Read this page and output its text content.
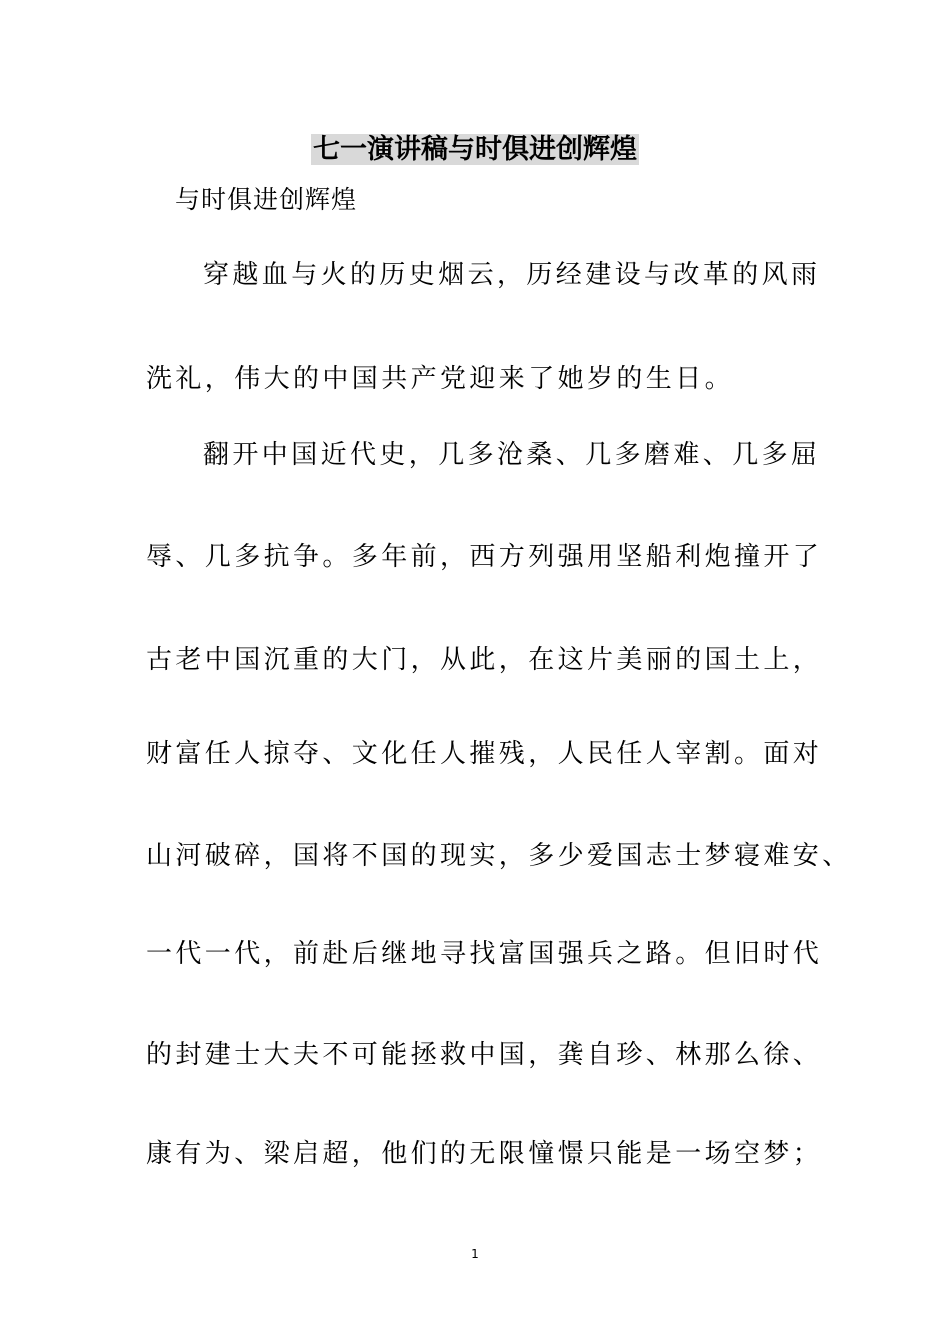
七一演讲稿与时俱进创辉煌
与时俱进创辉煌
穿越血与火的历史烟云，历经建设与改革的风雨
洗礼，伟大的中国共产党迎来了她岁的生日。
翻开中国近代史，几多沧桑、几多磨难、几多屈
辱、几多抗争。多年前，西方列强用坚船利炮撞开了
古老中国沉重的大门，从此，在这片美丽的国土上，
财富任人掠夺、文化任人摧残，人民任人宰割。面对
山河破碎，国将不国的现实，多少爱国志士梦寝难安、
一代一代，前赴后继地寻找富国强兵之路。但旧时代
的封建士大夫不可能拯救中国，龚自珍、林那么徐、
康有为、梁启超，他们的无限憧憬只能是一场空梦；
1
